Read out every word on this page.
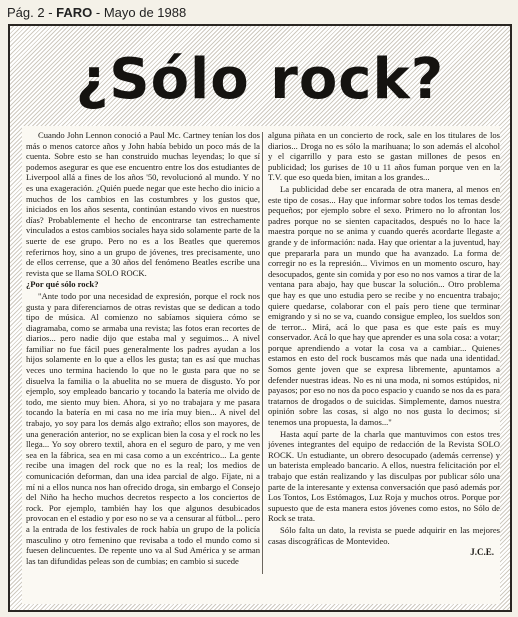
Pág. 2 - FARO - Mayo de 1988
¿Sólo rock?

Cuando John Lennon conoció a Paul Mc. Cartney tenían los dos más o menos catorce años y John había bebido un poco más de la cuenta. Sobre esto se han construido muchas leyendas; lo que sí podemos asegurar es que ese encuentro entre los dos estudiantes de Liverpool allá a fines de los años '50, revolucionó al mundo. Y no es una exageración. ¿Quién puede negar que este hecho dio inicio a muchos de los cambios en las costumbres y los gustos que, iniciados en los años sesenta, continúan estando vivos en nuestros días? Probablemente el hecho de encontrarse tan estrechamente vinculados a estos cambios sociales haya sido solamente parte de la suerte de ese grupo. Pero no es a los Beatles que queremos referirnos hoy, sino a un grupo de jóvenes, tres precisamente, uno de ellos cerrense, que a 30 años del fenómeno Beatles escribe una revista que se llama SOLO ROCK.

¿Por qué sólo rock?

"Ante todo por una necesidad de expresión, porque el rock nos gusta y para diferenciarnos de otras revistas que se dedican a todo tipo de música. Al comienzo no sabíamos siquiera cómo se diagramaba, como se armaba una revista; las fotos eran recortes de diarios... pero nadie dijo que estaba mal y seguimos... A nivel familiar no fue fácil pues generalmente los padres ayudan a los hijos solamente en lo que a ellos les gusta; tan es así que muchas veces uno termina haciendo lo que no le gusta para que no se disuelva la familia o la abuelita no se muera de disgusto. Yo por ejemplo, soy empleado bancario y tocando la batería me olvido de todo, me siento muy bien. Ahora, si yo no trabajara y me pasara tocando la batería en mi casa no me iría muy bien... A nivel del trabajo, yo soy para los demás algo extraño; ellos son mayores, de una generación anterior, no se explican bien la cosa y el rock no les llega... Yo soy obrero textil, ahora en el seguro de paro, y me ven sea en la fábrica, sea en mi casa como a un excéntrico... La gente recibe una imagen del rock que no es la real; los medios de comunicación deforman, dan una idea parcial de algo. Fíjate, ni a mí ni a ellos nunca nos han ofrecido droga, sin embargo el Consejo del Niño ha hecho muchos decretos respecto a los conciertos de rock. Por ejemplo, también hay los que algunos desubicados provocan en el estadio y por eso no se va a censurar al fútbol... pero a la entrada de los festivales de rock había un grupo de la policía masculino y otro femenino que revisaba a todo el mundo como si fuesen delincuentes. De repente uno va al Sud América y se arman las tan difundidas peleas son de cumbias; en cambio si sucede

alguna piñata en un concierto de rock, sale en los titulares de los diarios... Droga no es sólo la marihuana; lo son además el alcohol y el cigarrillo y para esto se gastan millones de pesos en publicidad; los gurises de 10 u 11 años fuman porque ven en la T.V. que eso queda bien, imitan a los grandes...

La publicidad debe ser encarada de otra manera, al menos en este tipo de cosas... Hay que informar sobre todos los temas desde pequeños; por ejemplo sobre el sexo. Primero no lo afrontan los padres porque no se sienten capacitados, después no lo hace la maestra porque no se anima y cuando querés acordarte llegaste a grande y de información: nada. Hay que orientar a la juventud, hay que prepararla para un mundo que ha avanzado. La forma de corregir no es la represión... Vivimos en un momento oscuro, hay desocupados, gente sin comida y por eso no nos vamos a tirar de la ventana para abajo, hay que buscar la solución... Otro problema que hay es que uno estudia pero se recibe y no encuentra trabajo; quiere quedarse, colaborar con el país pero tiene que terminar emigrando y si no se va, cuando consigue empleo, los sueldos son de terror... Mirá, acá lo que pasa es que este país es muy conservador. Acá lo que hay que aprender es una sola cosa: a votar; porque aprendiendo a votar la cosa va a cambiar... Quienes estamos en esto del rock buscamos más que nada una identidad. Somos gente joven que se expresa libremente, apuntamos a defender nuestras ideas. No es ni una moda, ni somos estúpidos, ni payasos; por eso no nos da poco espacio y cuando se nos da es para tratarnos de drogados o de suicidas. Simplemente, damos nuestra opinión sobre las cosas, si algo no nos gusta lo decimos; si tenemos una propuesta, la damos..."

Hasta aquí parte de la charla que mantuvimos con estos tres jóvenes integrantes del equipo de redacción de la Revista SOLO ROCK. Un estudiante, un obrero desocupado (además cerrense) y un baterista empleado bancario. A ellos, nuestra felicitación por el trabajo que están realizando y las disculpas por publicar sólo una parte de la interesante y extensa conversación que pasó además por Los Tontos, Los Estómagos, Luz Roja y muchos otros. Porque por supuesto que de esta manera estos jóvenes como estos, no Sólo de Rock se trata.

Sólo falta un dato, la revista se puede adquirir en las mejores casas discográficas de Montevideo.

J.C.E.
